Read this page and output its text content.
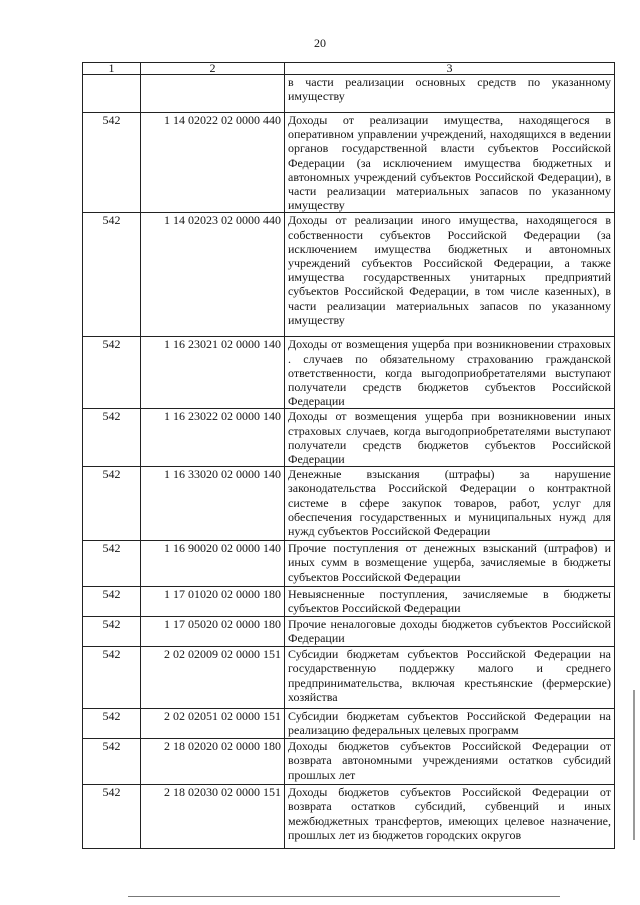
20
1	2	3
		в части реализации основных средств по указанному имуществу
542	1 14 02022 02 0000 440	Доходы от реализации имущества, находящегося в оперативном управлении учреждений, находящихся в ведении органов государственной власти субъектов Российской Федерации (за исключением имущества бюджетных и автономных учреждений субъектов Российской Федерации), в части реализации материальных запасов по указанному имуществу
542	1 14 02023 02 0000 440	Доходы от реализации иного имущества, находящегося в собственности субъектов Российской Федерации (за исключением имущества бюджетных и автономных учреждений субъектов Российской Федерации, а также имущества государственных унитарных предприятий субъектов Российской Федерации, в том числе казенных), в части реализации материальных запасов по указанному имуществу
542	1 16 23021 02 0000 140	Доходы от возмещения ущерба при возникновении страховых . случаев по обязательному страхованию гражданской ответственности, когда выгодоприобретателями выступают получатели средств бюджетов субъектов Российской Федерации
542	1 16 23022 02 0000 140	Доходы от возмещения ущерба при возникновении иных страховых случаев, когда выгодоприобретателями выступают получатели средств бюджетов субъектов Российской Федерации
542	1 16 33020 02 0000 140	Денежные взыскания (штрафы) за нарушение законодательства Российской Федерации о контрактной системе в сфере закупок товаров, работ, услуг для обеспечения государственных и муниципальных нужд для нужд субъектов Российской Федерации
542	1 16 90020 02 0000 140	Прочие поступления от денежных взысканий (штрафов) и иных сумм в возмещение ущерба, зачисляемые в бюджеты субъектов Российской Федерации
542	1 17 01020 02 0000 180	Невыясненные поступления, зачисляемые в бюджеты субъектов Российской Федерации
542	1 17 05020 02 0000 180	Прочие неналоговые доходы бюджетов субъектов Российской Федерации
542	2 02 02009 02 0000 151	Субсидии бюджетам субъектов Российской Федерации на государственную поддержку малого и среднего предпринимательства, включая крестьянские (фермерские) хозяйства
542	2 02 02051 02 0000 151	Субсидии бюджетам субъектов Российской Федерации на реализацию федеральных целевых программ
542	2 18 02020 02 0000 180	Доходы бюджетов субъектов Российской Федерации от возврата автономными учреждениями остатков субсидий прошлых лет
542	2 18 02030 02 0000 151	Доходы бюджетов субъектов Российской Федерации от возврата остатков субсидий, субвенций и иных межбюджетных трансфертов, имеющих целевое назначение, прошлых лет из бюджетов городских округов
